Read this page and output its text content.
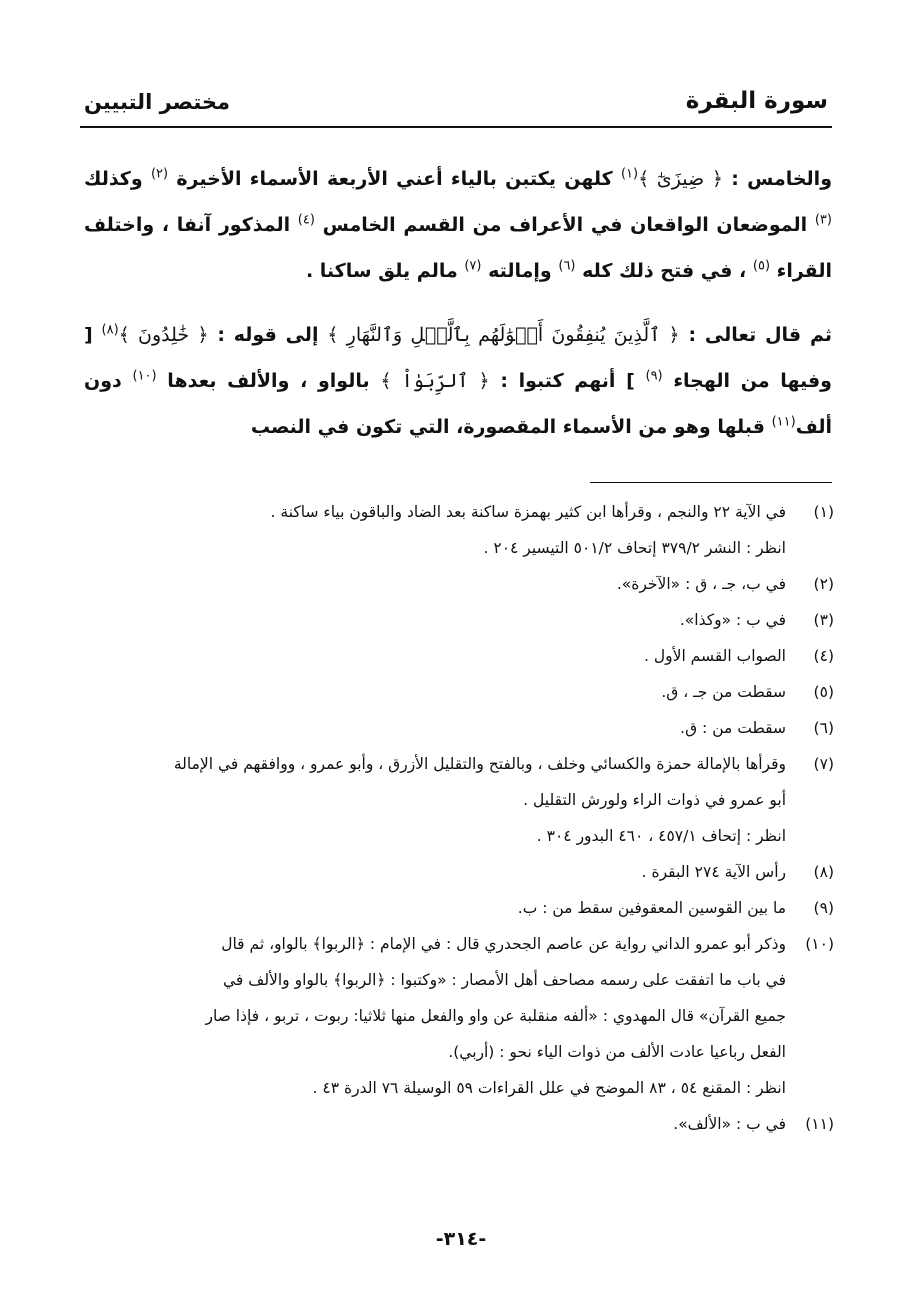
سورة البقرة
مختصر التبيين

والخامس : ﴿ ضِيزَىٰٓ ﴾$^{(١)}$ كلهن يكتبن بالياء أعني الأربعة الأسماء الأخيرة $^{(٢)}$ وكذلك $^{(٣)}$ الموضعان الواقعان في الأعراف من القسم الخامس $^{(٤)}$ المذكور آنفا ، واختلف القراء $^{(٥)}$ ، في فتح ذلك كله $^{(٦)}$ وإمالته $^{(٧)}$ مالم يلق ساكنا .

ثم قال تعالى : ﴿ ٱلَّذِينَ يُنفِقُونَ أَمۡوَٰلَهُم بِٱلَّيۡلِ وَٱلنَّهَارِ ﴾ إلى قوله : ﴿ خَٰلِدُونَ ﴾$^{(٨)}$ [ وفيها من الهجاء $^{(٩)}$ ] أنهم كتبوا : ﴿ ٱلرِّبَوٰاْ ﴾ بالواو ، والألف بعدها $^{(١٠)}$ دون ألف$^{(١١)}$ قبلها وهو من الأسماء المقصورة، التي تكون في النصب

(١)
في الآية ٢٢ والنجم ، وقرأها ابن كثير بهمزة ساكنة بعد الضاد والباقون بياء ساكنة .
انظر : النشر ٣٧٩/٢ إتحاف ٥٠١/٢ التيسير ٢٠٤ .
(٢)
في ب، جـ ، ق : «الآخرة».
(٣)
في ب : «وكذا».
(٤)
الصواب القسم الأول .
(٥)
سقطت من جـ ، ق.
(٦)
سقطت من : ق.
(٧)
وقرأها بالإمالة حمزة والكسائي وخلف ، وبالفتح والتقليل الأزرق ، وأبو عمرو ، ووافقهم في الإمالة
أبو عمرو في ذوات الراء ولورش التقليل .
انظر : إتحاف ٤٥٧/١ ، ٤٦٠ البدور ٣٠٤ .
(٨)
رأس الآية ٢٧٤ البقرة .
(٩)
ما بين القوسين المعقوفين سقط من : ب.
(١٠)
وذكر أبو عمرو الداني رواية عن عاصم الجحدري قال : في الإمام : ﴿الربوا﴾ بالواو، ثم قال
في باب ما اتفقت على رسمه مصاحف أهل الأمصار : «وكتبوا : ﴿الربوا﴾ بالواو والألف في
جميع القرآن» قال المهدوي : «ألفه منقلبة عن واو والفعل منها ثلاثيا: ربوت ، تربو ، فإذا صار
الفعل رباعيا عادت الألف من ذوات الياء نحو : (أربي).
انظر : المقنع ٥٤ ، ٨٣ الموضح في علل القراءات ٥٩ الوسيلة ٧٦ الدرة ٤٣ .
(١١)
في ب : «الألف».
-٣١٤-
